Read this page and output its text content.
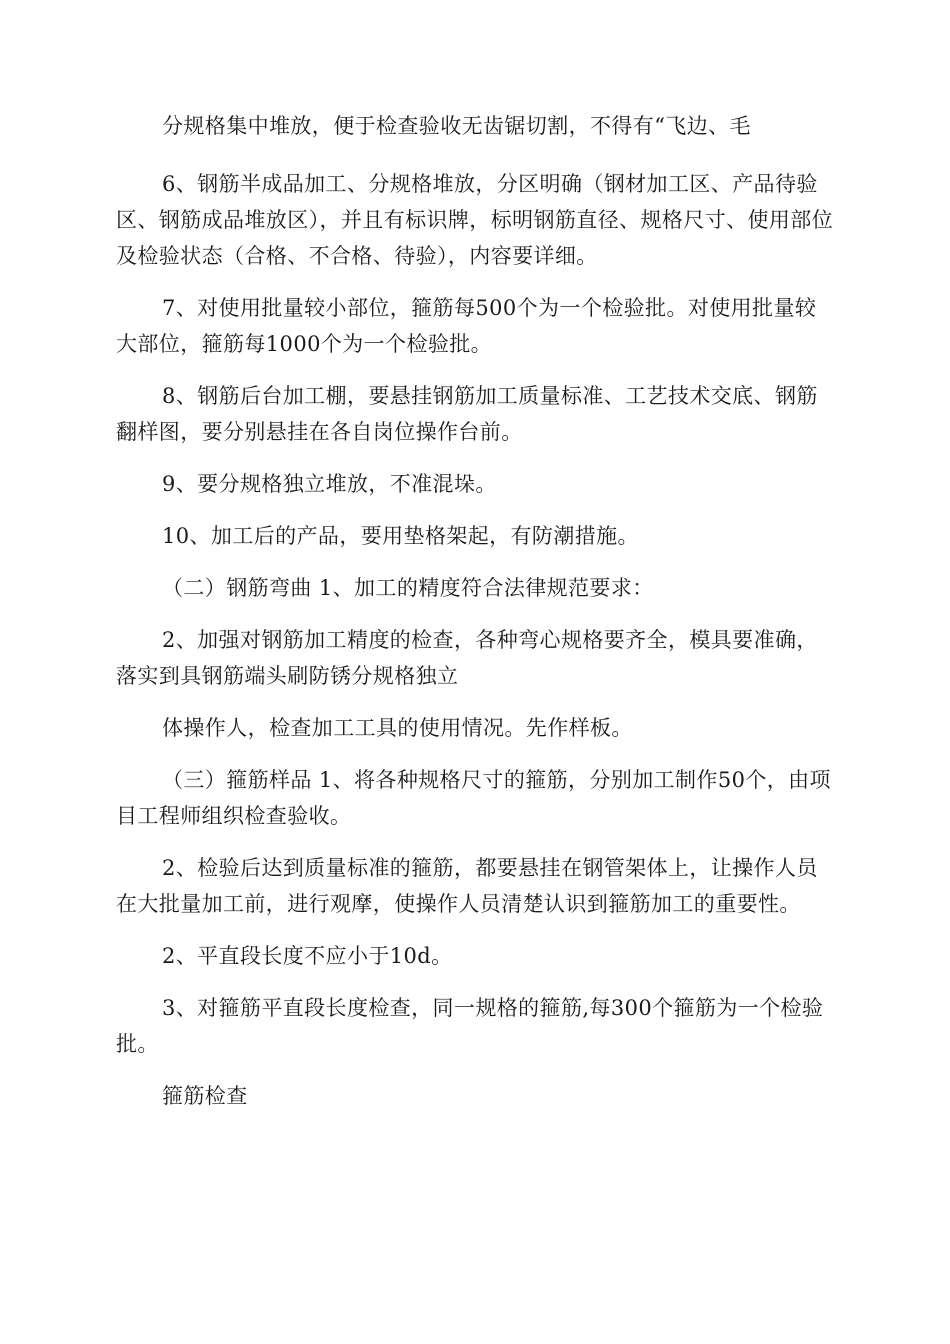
分规格集中堆放，便于检查验收无齿锯切割，不得有“飞边、毛

6、钢筋半成品加工、分规格堆放，分区明确（钢材加工区、产品待验区、钢筋成品堆放区），并且有标识牌，标明钢筋直径、规格尺寸、使用部位及检验状态（合格、不合格、待验），内容要详细。

7、对使用批量较小部位，箍筋每500个为一个检验批。对使用批量较大部位，箍筋每1000个为一个检验批。

8、钢筋后台加工棚，要悬挂钢筋加工质量标准、工艺技术交底、钢筋翻样图，要分别悬挂在各自岗位操作台前。

9、要分规格独立堆放，不准混垛。

10、加工后的产品，要用垫格架起，有防潮措施。

（二）钢筋弯曲 1、加工的精度符合法律规范要求：

2、加强对钢筋加工精度的检查，各种弯心规格要齐全，模具要准确，落实到具钢筋端头刷防锈分规格独立

体操作人，检查加工工具的使用情况。先作样板。

（三）箍筋样品 1、将各种规格尺寸的箍筋，分别加工制作50个，由项目工程师组织检查验收。

2、检验后达到质量标准的箍筋，都要悬挂在钢管架体上，让操作人员在大批量加工前，进行观摩，使操作人员清楚认识到箍筋加工的重要性。

2、平直段长度不应小于10d。

3、对箍筋平直段长度检查，同一规格的箍筋,每300个箍筋为一个检验批。

箍筋检查
